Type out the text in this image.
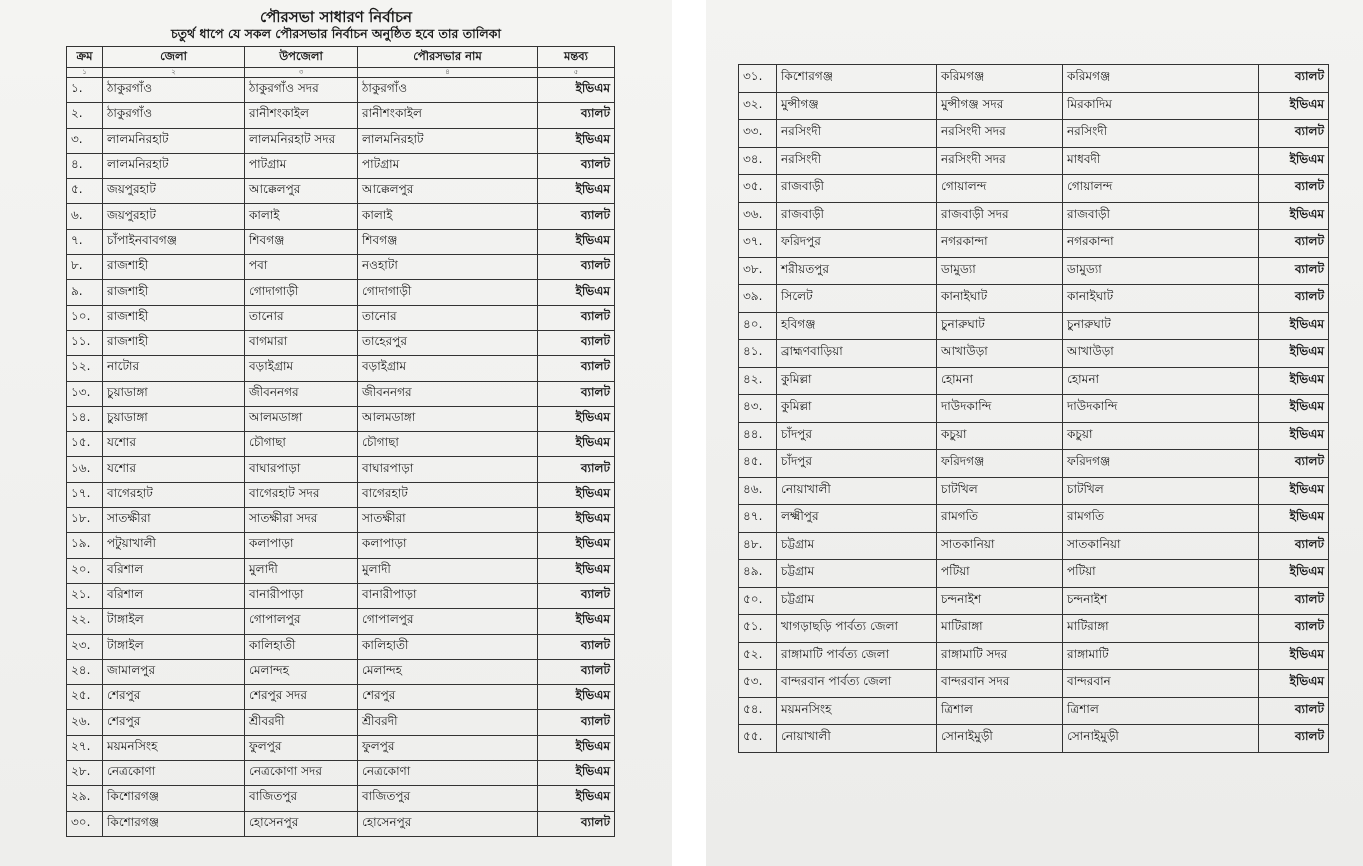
পৌরসভা সাধারণ নির্বাচন
চতুর্থ ধাপে যে সকল পৌরসভার নির্বাচন অনুষ্ঠিত হবে তার তালিকা
ক্রম	জেলা	উপজেলা	পৌরসভার নাম	মন্তব্য
১	২	৩	৪	৫
১.	ঠাকুরগাঁও	ঠাকুরগাঁও সদর	ঠাকুরগাঁও	ইভিএম
২.	ঠাকুরগাঁও	রানীশংকাইল	রানীশংকাইল	ব্যালট
৩.	লালমনিরহাট	লালমনিরহাট সদর	লালমনিরহাট	ইভিএম
৪.	লালমনিরহাট	পাটগ্রাম	পাটগ্রাম	ব্যালট
৫.	জয়পুরহাট	আক্কেলপুর	আক্কেলপুর	ইভিএম
৬.	জয়পুরহাট	কালাই	কালাই	ব্যালট
৭.	চাঁপাইনবাবগঞ্জ	শিবগঞ্জ	শিবগঞ্জ	ইভিএম
৮.	রাজশাহী	পবা	নওহাটা	ব্যালট
৯.	রাজশাহী	গোদাগাড়ী	গোদাগাড়ী	ইভিএম
১০.	রাজশাহী	তানোর	তানোর	ব্যালট
১১.	রাজশাহী	বাগমারা	তাহেরপুর	ব্যালট
১২.	নাটোর	বড়াইগ্রাম	বড়াইগ্রাম	ব্যালট
১৩.	চুয়াডাঙ্গা	জীবননগর	জীবননগর	ব্যালট
১৪.	চুয়াডাঙ্গা	আলমডাঙ্গা	আলমডাঙ্গা	ইভিএম
১৫.	যশোর	চৌগাছা	চৌগাছা	ইভিএম
১৬.	যশোর	বাঘারপাড়া	বাঘারপাড়া	ব্যালট
১৭.	বাগেরহাট	বাগেরহাট সদর	বাগেরহাট	ইভিএম
১৮.	সাতক্ষীরা	সাতক্ষীরা সদর	সাতক্ষীরা	ইভিএম
১৯.	পটুয়াখালী	কলাপাড়া	কলাপাড়া	ইভিএম
২০.	বরিশাল	মুলাদী	মুলাদী	ইভিএম
২১.	বরিশাল	বানারীপাড়া	বানারীপাড়া	ব্যালট
২২.	টাঙ্গাইল	গোপালপুর	গোপালপুর	ইভিএম
২৩.	টাঙ্গাইল	কালিহাতী	কালিহাতী	ব্যালট
২৪.	জামালপুর	মেলান্দহ	মেলান্দহ	ব্যালট
২৫.	শেরপুর	শেরপুর সদর	শেরপুর	ইভিএম
২৬.	শেরপুর	শ্রীবরদী	শ্রীবরদী	ব্যালট
২৭.	ময়মনসিংহ	ফুলপুর	ফুলপুর	ইভিএম
২৮.	নেত্রকোণা	নেত্রকোণা সদর	নেত্রকোণা	ইভিএম
২৯.	কিশোরগঞ্জ	বাজিতপুর	বাজিতপুর	ইভিএম
৩০.	কিশোরগঞ্জ	হোসেনপুর	হোসেনপুর	ব্যালট
৩১.	কিশোরগঞ্জ	করিমগঞ্জ	করিমগঞ্জ	ব্যালট
৩২.	মুন্সীগঞ্জ	মুন্সীগঞ্জ সদর	মিরকাদিম	ইভিএম
৩৩.	নরসিংদী	নরসিংদী সদর	নরসিংদী	ব্যালট
৩৪.	নরসিংদী	নরসিংদী সদর	মাধবদী	ইভিএম
৩৫.	রাজবাড়ী	গোয়ালন্দ	গোয়ালন্দ	ব্যালট
৩৬.	রাজবাড়ী	রাজবাড়ী সদর	রাজবাড়ী	ইভিএম
৩৭.	ফরিদপুর	নগরকান্দা	নগরকান্দা	ব্যালট
৩৮.	শরীয়তপুর	ডামুড্যা	ডামুড্যা	ব্যালট
৩৯.	সিলেট	কানাইঘাট	কানাইঘাট	ব্যালট
৪০.	হবিগঞ্জ	চুনারুঘাট	চুনারুঘাট	ইভিএম
৪১.	ব্রাহ্মণবাড়িয়া	আখাউড়া	আখাউড়া	ইভিএম
৪২.	কুমিল্লা	হোমনা	হোমনা	ইভিএম
৪৩.	কুমিল্লা	দাউদকান্দি	দাউদকান্দি	ইভিএম
৪৪.	চাঁদপুর	কচুয়া	কচুয়া	ইভিএম
৪৫.	চাঁদপুর	ফরিদগঞ্জ	ফরিদগঞ্জ	ব্যালট
৪৬.	নোয়াখালী	চাটখিল	চাটখিল	ইভিএম
৪৭.	লক্ষ্মীপুর	রামগতি	রামগতি	ইভিএম
৪৮.	চট্টগ্রাম	সাতকানিয়া	সাতকানিয়া	ব্যালট
৪৯.	চট্টগ্রাম	পটিয়া	পটিয়া	ইভিএম
৫০.	চট্টগ্রাম	চন্দনাইশ	চন্দনাইশ	ব্যালট
৫১.	খাগড়াছড়ি পার্বত্য জেলা	মাটিরাঙ্গা	মাটিরাঙ্গা	ব্যালট
৫২.	রাঙ্গামাটি পার্বত্য জেলা	রাঙ্গামাটি সদর	রাঙ্গামাটি	ইভিএম
৫৩.	বান্দরবান পার্বত্য জেলা	বান্দরবান সদর	বান্দরবান	ইভিএম
৫৪.	ময়মনসিংহ	ত্রিশাল	ত্রিশাল	ব্যালট
৫৫.	নোয়াখালী	সোনাইমুড়ী	সোনাইমুড়ী	ব্যালট
